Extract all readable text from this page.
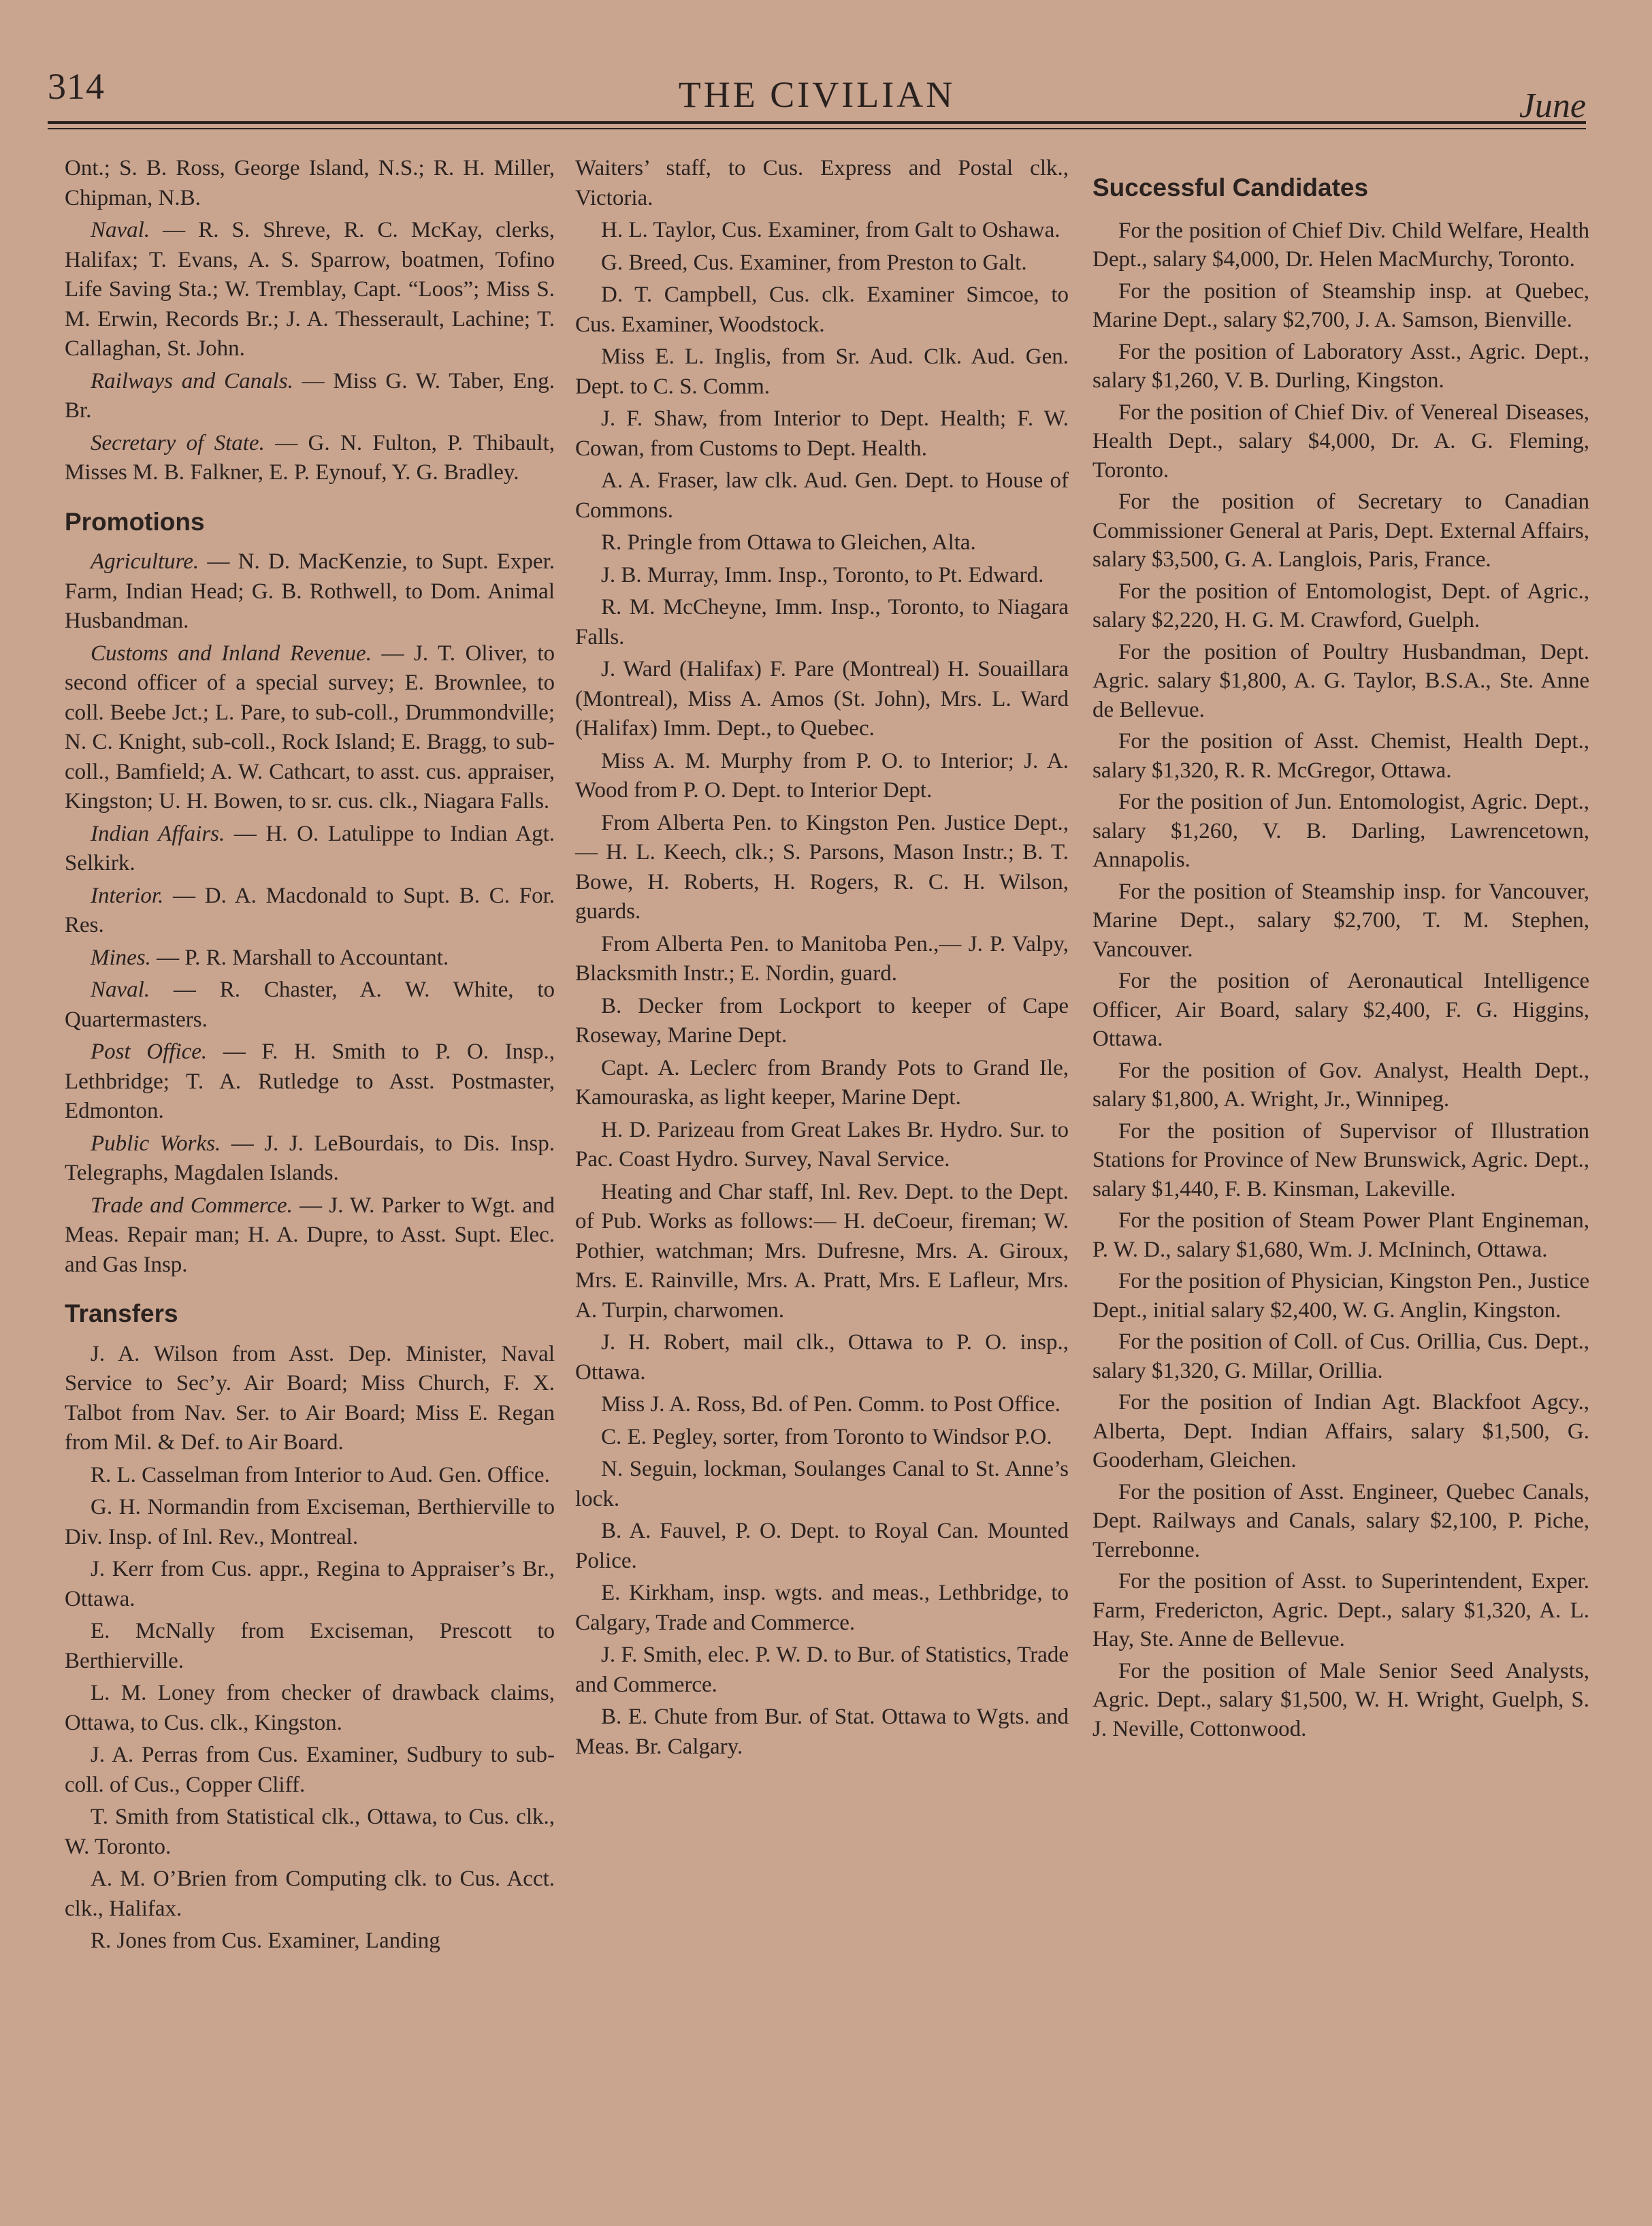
314	THE CIVILIAN	June

Ont.; S. B. Ross, George Island, N.S.; R. H. Miller, Chipman, N.B.

Naval. — R. S. Shreve, R. C. McKay, clerks, Halifax; T. Evans, A. S. Sparrow, boatmen, Tofino Life Saving Sta.; W. Tremblay, Capt. “Loos”; Miss S. M. Erwin, Records Br.; J. A. Thesserault, Lachine; T. Callaghan, St. John.

Railways and Canals. — Miss G. W. Taber, Eng. Br.

Secretary of State. — G. N. Fulton, P. Thibault, Misses M. B. Falkner, E. P. Eynouf, Y. G. Bradley.

Promotions

Agriculture. — N. D. MacKenzie, to Supt. Exper. Farm, Indian Head; G. B. Rothwell, to Dom. Animal Husbandman.

Customs and Inland Revenue. — J. T. Oliver, to second officer of a special survey; E. Brownlee, to coll. Beebe Jct.; L. Pare, to sub-coll., Drummondville; N. C. Knight, sub-coll., Rock Island; E. Bragg, to sub-coll., Bamfield; A. W. Cathcart, to asst. cus. appraiser, Kingston; U. H. Bowen, to sr. cus. clk., Niagara Falls.

Indian Affairs. — H. O. Latulippe to Indian Agt. Selkirk.

Interior. — D. A. Macdonald to Supt. B. C. For. Res.

Mines. — P. R. Marshall to Accountant.

Naval. — R. Chaster, A. W. White, to Quartermasters.

Post Office. — F. H. Smith to P. O. Insp., Lethbridge; T. A. Rutledge to Asst. Postmaster, Edmonton.

Public Works. — J. J. LeBourdais, to Dis. Insp. Telegraphs, Magdalen Islands.

Trade and Commerce. — J. W. Parker to Wgt. and Meas. Repair man; H. A. Dupre, to Asst. Supt. Elec. and Gas Insp.

Transfers

J. A. Wilson from Asst. Dep. Minister, Naval Service to Sec’y. Air Board; Miss Church, F. X. Talbot from Nav. Ser. to Air Board; Miss E. Regan from Mil. & Def. to Air Board.

R. L. Casselman from Interior to Aud. Gen. Office.

G. H. Normandin from Exciseman, Berthierville to Div. Insp. of Inl. Rev., Montreal.

J. Kerr from Cus. appr., Regina to Appraiser’s Br., Ottawa.

E. McNally from Exciseman, Prescott to Berthierville.

L. M. Loney from checker of drawback claims, Ottawa, to Cus. clk., Kingston.

J. A. Perras from Cus. Examiner, Sudbury to sub-coll. of Cus., Copper Cliff.

T. Smith from Statistical clk., Ottawa, to Cus. clk., W. Toronto.

A. M. O’Brien from Computing clk. to Cus. Acct. clk., Halifax.

R. Jones from Cus. Examiner, Landing

Waiters’ staff, to Cus. Express and Postal clk., Victoria.

H. L. Taylor, Cus. Examiner, from Galt to Oshawa.

G. Breed, Cus. Examiner, from Preston to Galt.

D. T. Campbell, Cus. clk. Examiner Simcoe, to Cus. Examiner, Woodstock.

Miss E. L. Inglis, from Sr. Aud. Clk. Aud. Gen. Dept. to C. S. Comm.

J. F. Shaw, from Interior to Dept. Health; F. W. Cowan, from Customs to Dept. Health.

A. A. Fraser, law clk. Aud. Gen. Dept. to House of Commons.

R. Pringle from Ottawa to Gleichen, Alta.

J. B. Murray, Imm. Insp., Toronto, to Pt. Edward.

R. M. McCheyne, Imm. Insp., Toronto, to Niagara Falls.

J. Ward (Halifax) F. Pare (Montreal) H. Souaillara (Montreal), Miss A. Amos (St. John), Mrs. L. Ward (Halifax) Imm. Dept., to Quebec.

Miss A. M. Murphy from P. O. to Interior; J. A. Wood from P. O. Dept. to Interior Dept.

From Alberta Pen. to Kingston Pen. Justice Dept., — H. L. Keech, clk.; S. Parsons, Mason Instr.; B. T. Bowe, H. Roberts, H. Rogers, R. C. H. Wilson, guards.

From Alberta Pen. to Manitoba Pen.,— J. P. Valpy, Blacksmith Instr.; E. Nordin, guard.

B. Decker from Lockport to keeper of Cape Roseway, Marine Dept.

Capt. A. Leclerc from Brandy Pots to Grand Ile, Kamouraska, as light keeper, Marine Dept.

H. D. Parizeau from Great Lakes Br. Hydro. Sur. to Pac. Coast Hydro. Survey, Naval Service.

Heating and Char staff, Inl. Rev. Dept. to the Dept. of Pub. Works as follows:— H. deCoeur, fireman; W. Pothier, watchman; Mrs. Dufresne, Mrs. A. Giroux, Mrs. E. Rainville, Mrs. A. Pratt, Mrs. E Lafleur, Mrs. A. Turpin, charwomen.

J. H. Robert, mail clk., Ottawa to P. O. insp., Ottawa.

Miss J. A. Ross, Bd. of Pen. Comm. to Post Office.

C. E. Pegley, sorter, from Toronto to Windsor P.O.

N. Seguin, lockman, Soulanges Canal to St. Anne’s lock.

B. A. Fauvel, P. O. Dept. to Royal Can. Mounted Police.

E. Kirkham, insp. wgts. and meas., Lethbridge, to Calgary, Trade and Commerce.

J. F. Smith, elec. P. W. D. to Bur. of Statistics, Trade and Commerce.

B. E. Chute from Bur. of Stat. Ottawa to Wgts. and Meas. Br. Calgary.

Successful Candidates

For the position of Chief Div. Child Welfare, Health Dept., salary $4,000, Dr. Helen MacMurchy, Toronto.

For the position of Steamship insp. at Quebec, Marine Dept., salary $2,700, J. A. Samson, Bienville.

For the position of Laboratory Asst., Agric. Dept., salary $1,260, V. B. Durling, Kingston.

For the position of Chief Div. of Venereal Diseases, Health Dept., salary $4,000, Dr. A. G. Fleming, Toronto.

For the position of Secretary to Canadian Commissioner General at Paris, Dept. External Affairs, salary $3,500, G. A. Langlois, Paris, France.

For the position of Entomologist, Dept. of Agric., salary $2,220, H. G. M. Crawford, Guelph.

For the position of Poultry Husbandman, Dept. Agric. salary $1,800, A. G. Taylor, B.S.A., Ste. Anne de Bellevue.

For the position of Asst. Chemist, Health Dept., salary $1,320, R. R. McGregor, Ottawa.

For the position of Jun. Entomologist, Agric. Dept., salary $1,260, V. B. Darling, Lawrencetown, Annapolis.

For the position of Steamship insp. for Vancouver, Marine Dept., salary $2,700, T. M. Stephen, Vancouver.

For the position of Aeronautical Intelligence Officer, Air Board, salary $2,400, F. G. Higgins, Ottawa.

For the position of Gov. Analyst, Health Dept., salary $1,800, A. Wright, Jr., Winnipeg.

For the position of Supervisor of Illustration Stations for Province of New Brunswick, Agric. Dept., salary $1,440, F. B. Kinsman, Lakeville.

For the position of Steam Power Plant Engineman, P. W. D., salary $1,680, Wm. J. McIninch, Ottawa.

For the position of Physician, Kingston Pen., Justice Dept., initial salary $2,400, W. G. Anglin, Kingston.

For the position of Coll. of Cus. Orillia, Cus. Dept., salary $1,320, G. Millar, Orillia.

For the position of Indian Agt. Blackfoot Agcy., Alberta, Dept. Indian Affairs, salary $1,500, G. Gooderham, Gleichen.

For the position of Asst. Engineer, Quebec Canals, Dept. Railways and Canals, salary $2,100, P. Piche, Terrebonne.

For the position of Asst. to Superintendent, Exper. Farm, Fredericton, Agric. Dept., salary $1,320, A. L. Hay, Ste. Anne de Bellevue.

For the position of Male Senior Seed Analysts, Agric. Dept., salary $1,500, W. H. Wright, Guelph, S. J. Neville, Cottonwood.
